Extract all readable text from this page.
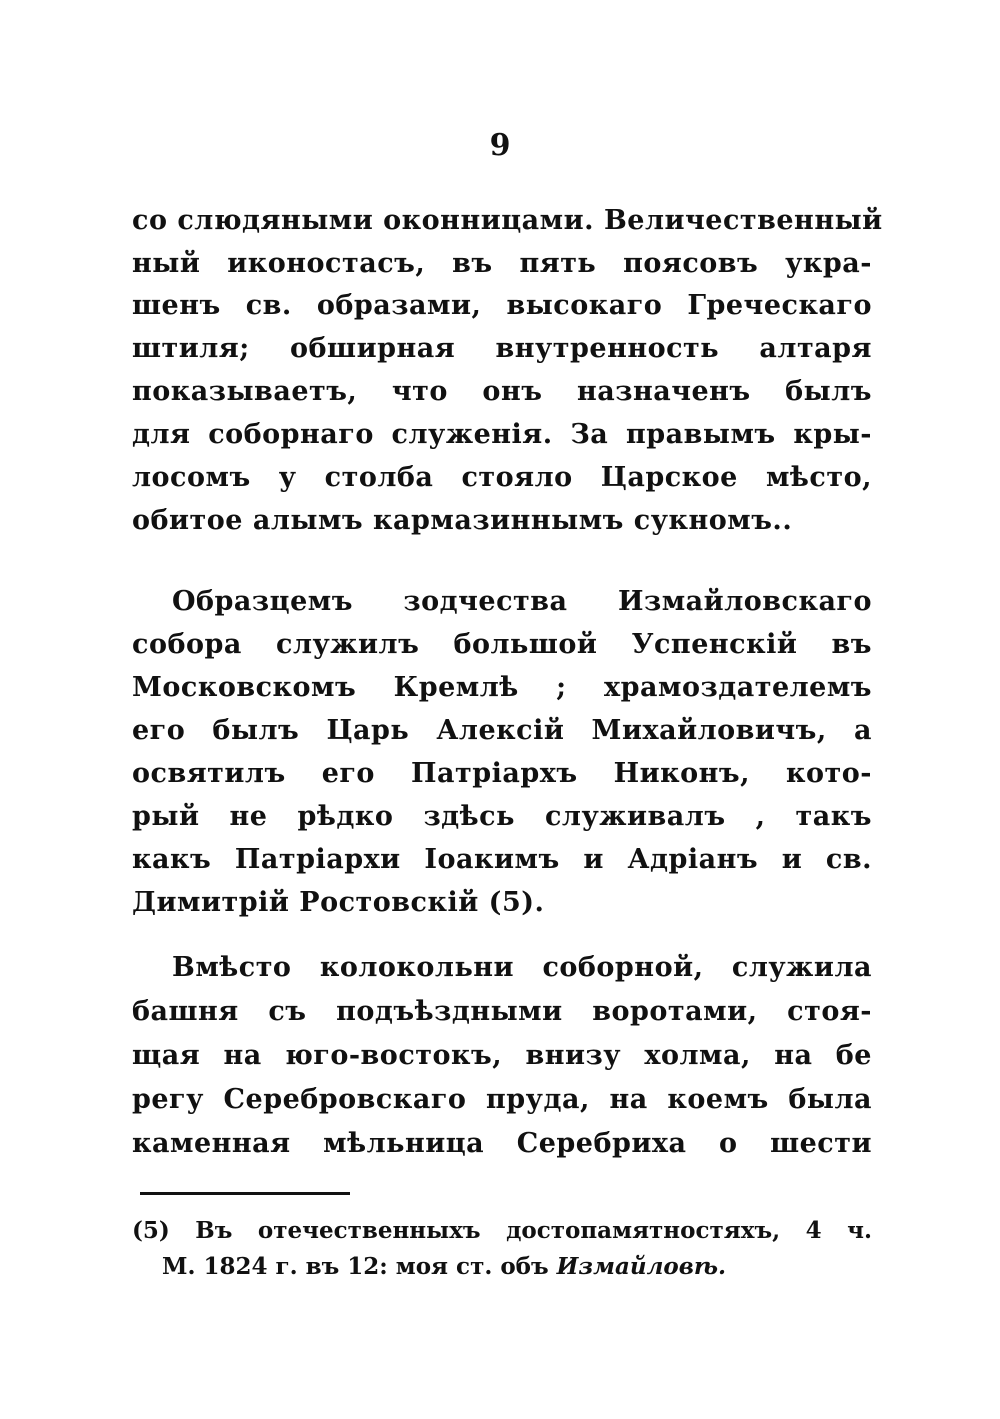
9
со слюдяными оконницами. Величественный
ный иконостасъ, въ пять поясовъ укра-
шенъ св. образами, высокаго Греческаго
штиля; обширная внутренность алтаря
показываетъ, что онъ назначенъ былъ
для соборнаго служенія. За правымъ кры-
лосомъ у столба стояло Царское мѣсто,
обитое алымъ кармазиннымъ сукномъ..
Образцемъ зодчества Измайловскаго
собора служилъ большой Успенскій въ
Московскомъ Кремлѣ ; храмоздателемъ
его былъ Царь Алексій Михайловичъ, а
освятилъ его Патріархъ Никонъ, кото-
рый не рѣдко здѣсь служивалъ , такъ
какъ Патріархи Іоакимъ и Адріанъ и св.
Димитрій Ростовскій (5).
Вмѣсто колокольни соборной, служила
башня съ подъѣздными воротами, стоя-
щая на юго-востокъ, внизу холма, на бе
регу Серебровскаго пруда, на коемъ была
каменная мѣльница Серебриха о шести
(5) Въ отечественныхъ достопамятностяхъ, 4 ч.
М. 1824 г. въ 12: моя ст. объ Измайловѣ.
